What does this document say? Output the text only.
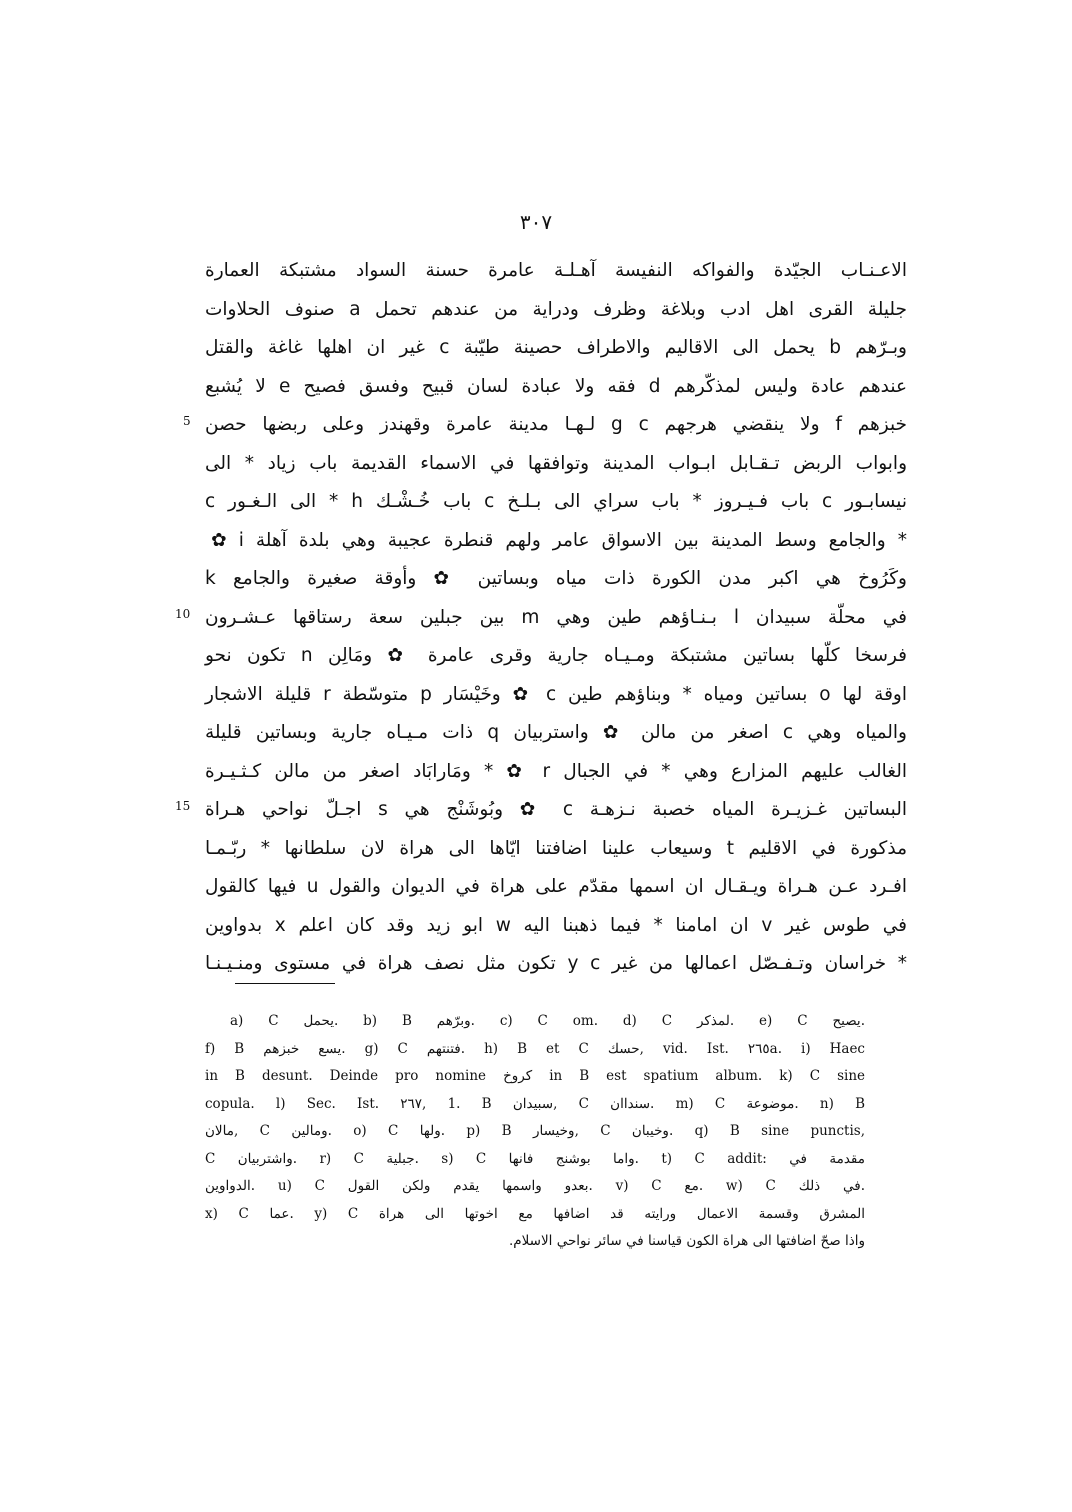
٣٠٧
الاعـنـاب الجيّدة والفواكه النفيسة آهـلـة عامرة حسنة السواد مشتبكة العمارة
جليلة القرى اهل ادب وبلاغة وظرف ودراية من عندهم تحمل a صنوف الحلاوات
وبـرّهم b يحمل الى الاقاليم والاطراف حصينة طيّبة c غير ان اهلها غاغة والقتل
عندهم عادة وليس لمذكّرهم d فقه ولا عبادة لسان قبيح وفسق فصيح e لا يُشبع
خبزهم f ولا ينقضي هرجهم g c لـهـا مدينة عامرة وقهندز وعلى ربضها حصن
5
وابواب الربض تـقـابل ابـواب المدينة وتوافقها في الاسماء القديمة باب زياد * الى
نيسابـور c باب فـيـروز * باب سراي الى بـلـخ c باب خُـشْـك h * الى الـغـور c
* والجامع وسط المدينة بين الاسواق عامر ولهم قنطرة عجيبة وهي بلدة آهلة i ✿
وكَرُوخ هي اكبر مدن الكورة ذات مياه وبساتين ✿ وأوقة صغيرة والجامع k
في محلّة سبيدان l بـنـاؤهم طين وهي m بين جبلين سعة رستاقها عـشـرون
10
فرسخا كلّها بساتين مشتبكة ومـيـاه جارية وقرى عامرة ✿ ومَالِن n تكون نحو
اوقة لها o بساتين ومياه * وبناؤهم طين c ✿ وخَيْسَار p متوسّطة r قليلة الاشجار
والمياه وهي c اصغر من مالن ✿ واستربيان q ذات مـيـاه جارية وبساتين قليلة
الغالب عليهم المزارع وهي * في الجبال r ✿ * ومَارابَاد اصغر من مالن كـثـيـرة
البساتين غـزيـرة المياه خصبة نـزهـة c ✿ وبُوشَنْج هي s اجـلّ نواحي هـراة
15
مذكورة في الاقليم t وسيعاب علينا اضافتنا ايّاها الى هراة لان سلطانها * ربّـمـا
افـرد عـن هـراة ويـقـال ان اسمها مقدّم على هراة في الديوان والقول u فيها كالقول
في طوس غير v ان امامنا * فيما ذهبنا اليه w ابو زيد وقد كان اعلم x بدواوين
* خراسان وتـفـصّل اعمالها من غير y c تكون مثل نصف هراة في مستوى ومنـيـنـا
a) C يحمل. b) B وبرّهم. c) C om. d) C لمذكر. e) C يصيح.
f) B يسع خبزهم. g) C فتنتهم. h) B et C حسك, vid. Ist. ٢٦٥a. i) Haec
in B desunt. Deinde pro nomine كروخ in B est spatium album. k) C sine
copula. l) Sec. Ist. ٢٦٧, 1. B سبيدان, C سنداان. m) C موضوعة. n) B
مالان, C ومالين. o) C ولها. p) B وخيسار, C وخيبان. q) B sine punctis,
C واشتربيان. r) C جبلية. s) C واما بوشنج فانها. t) C addit: مقدمة في
الدواوين. u) C بعدو واسمها يقدم ولكن القول. v) C مع. w) C في ذلك.
x) C عما. y) C المشرق وقسمة الاعمال ورايته قد اضافها مع اخوتها الى هراة
واذا صحّ اضافتها الى هراة الكون قياسنا في سائر نواحي الاسلام.
